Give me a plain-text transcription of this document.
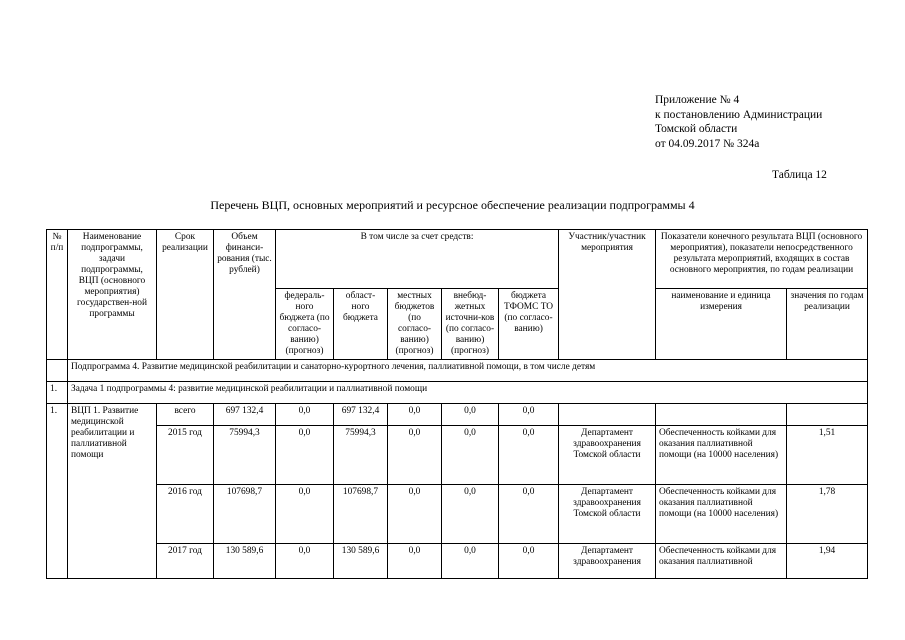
Приложение № 4
к постановлению Администрации
Томской области
от 04.09.2017 № 324а
Таблица 12
Перечень ВЦП, основных мероприятий и ресурсное обеспечение реализации подпрограммы 4
№ п/п	Наименование подпрограммы, задачи подпрограммы, ВЦП (основного мероприятия) государствен-ной программы	Срок реализации	Объем финанси-рования (тыс. рублей)	В том числе за счет средств:					Участник/участник мероприятия	Показатели конечного результата ВЦП (основного мероприятия), показатели непосредственного результата мероприятий, входящих в состав основного мероприятия, по годам реализации	
				федераль-ного бюджета (по согласо-ванию) (прогноз)	област-ного бюджета	местных бюджетов (по согласо-ванию) (прогноз)	внебюд-жетных источни-ков (по согласо-ванию) (прогноз)	бюджета ТФОМС ТО (по согласо-ванию)			
										наименование и единица измерения	значения по годам реализации
	Подпрограмма 4. Развитие медицинской реабилитации и санаторно-курортного лечения, паллиативной помощи, в том числе детям										
1.	Задача 1 подпрограммы 4: развитие медицинской реабилитации и паллиативной помощи										
1.	ВЦП 1. Развитие медицинской реабилитации и паллиативной помощи	всего	697 132,4	0,0	697 132,4	0,0	0,0	0,0			
		2015 год	75994,3	0,0	75994,3	0,0	0,0	0,0	Департамент здравоохранения Томской области	Обеспеченность койками для оказания паллиативной помощи (на 10000 населения)	1,51
		2016 год	107698,7	0,0	107698,7	0,0	0,0	0,0	Департамент здравоохранения Томской области	Обеспеченность койками для оказания паллиативной помощи (на 10000 населения)	1,78
		2017 год	130 589,6	0,0	130 589,6	0,0	0,0	0,0	Департамент здравоохранения	Обеспеченность койками для оказания паллиативной	1,94
